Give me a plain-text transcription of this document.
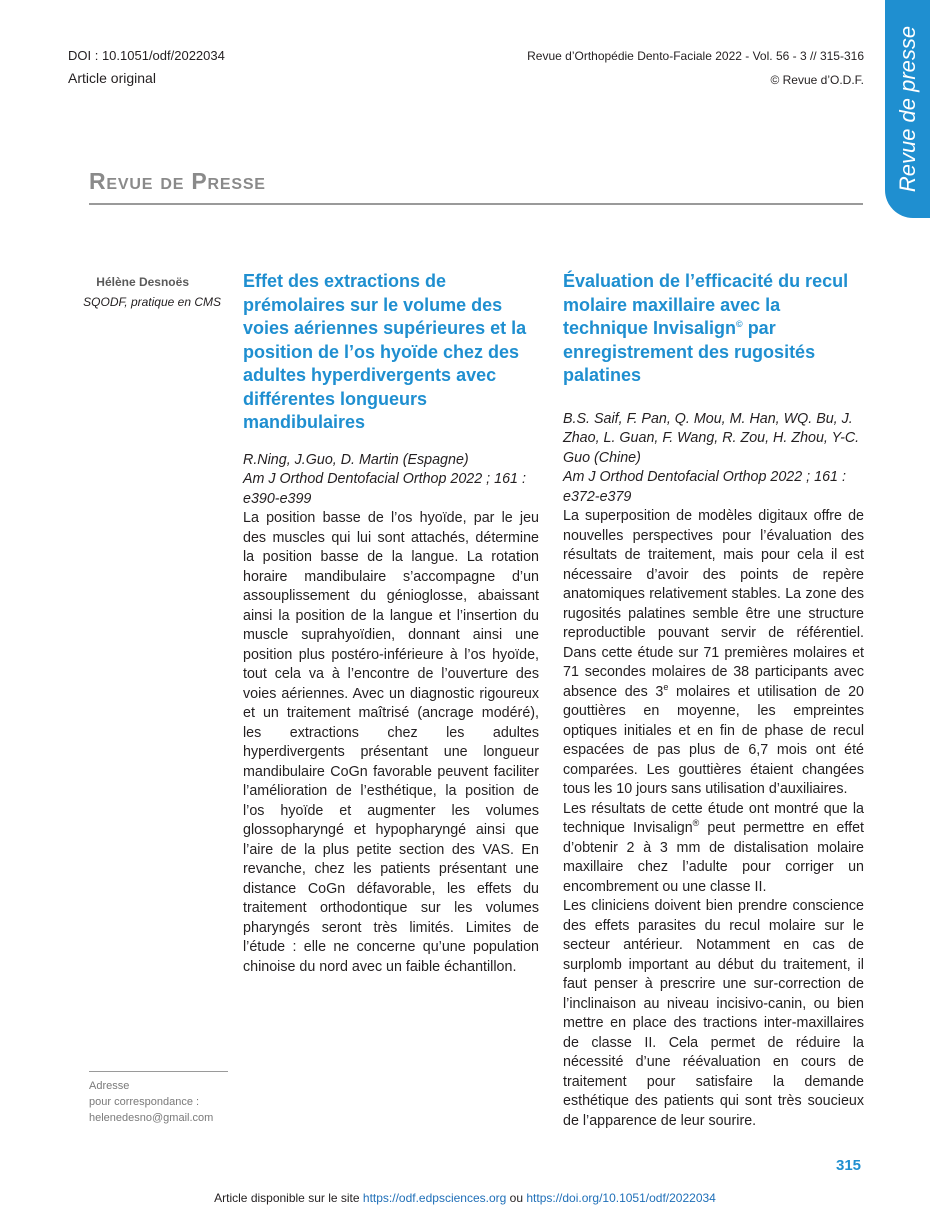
DOI : 10.1051/odf/2022034
Article original
Revue d’Orthopédie Dento-Faciale 2022 - Vol. 56 - 3 // 315-316
© Revue d’O.D.F. Revue de presse
Revue de Presse
Hélène Desnoës
SQODF, pratique en CMS
Effet des extractions de prémolaires sur le volume des voies aériennes supérieures et la position de l’os hyoïde chez des adultes hyperdivergents avec différentes longueurs mandibulaires

R.Ning, J.Guo, D. Martin (Espagne)

Am J Orthod Dentofacial Orthop 2022 ; 161 : e390-e399

La position basse de l’os hyoïde, par le jeu des muscles qui lui sont attachés, détermine la position basse de la langue. La rotation horaire mandibulaire s’accompagne d’un assouplissement du génioglosse, abaissant ainsi la position de la langue et l’insertion du muscle suprahyoïdien, donnant ainsi une position plus postéro-inférieure à l’os hyoïde, tout cela va à l’encontre de l’ouverture des voies aériennes. Avec un diagnostic rigoureux et un traitement maîtrisé (ancrage modéré), les extractions chez les adultes hyperdivergents présentant une longueur mandibulaire CoGn favorable peuvent faciliter l’amélioration de l’esthétique, la position de l’os hyoïde et augmenter les volumes glossopharyngé et hypopharyngé ainsi que l’aire de la plus petite section des VAS. En revanche, chez les patients présentant une distance CoGn défavorable, les effets du traitement orthodontique sur les volumes pharyngés seront très limités. Limites de l’étude : elle ne concerne qu’une population chinoise du nord avec un faible échantillon.

Évaluation de l’efficacité du recul molaire maxillaire avec la technique Invisalign© par enregistrement des rugosités palatines

B.S. Saif, F. Pan, Q. Mou, M. Han, WQ. Bu, J. Zhao, L. Guan, F. Wang, R. Zou, H. Zhou, Y-C. Guo (Chine)

Am J Orthod Dentofacial Orthop 2022 ; 161 : e372-e379

La superposition de modèles digitaux offre de nouvelles perspectives pour l’évaluation des résultats de traitement, mais pour cela il est nécessaire d’avoir des points de repère anatomiques relativement stables. La zone des rugosités palatines semble être une structure reproductible pouvant servir de référentiel. Dans cette étude sur 71 premières molaires et 71 secondes molaires de 38 participants avec absence des 3e molaires et utilisation de 20 gouttières en moyenne, les empreintes optiques initiales et en fin de phase de recul espacées de pas plus de 6,7 mois ont été comparées. Les gouttières étaient changées tous les 10 jours sans utilisation d’auxiliaires.

Les résultats de cette étude ont montré que la technique Invisalign® peut permettre en effet d’obtenir 2 à 3 mm de distalisation molaire maxillaire chez l’adulte pour corriger un encombrement ou une classe II.

Les cliniciens doivent bien prendre conscience des effets parasites du recul molaire sur le secteur antérieur. Notamment en cas de surplomb important au début du traitement, il faut penser à prescrire une sur-correction de l’inclinaison au niveau incisivo-canin, ou bien mettre en place des tractions inter-maxillaires de classe II. Cela permet de réduire la nécessité d’une réévaluation en cours de traitement pour satisfaire la demande esthétique des patients qui sont très soucieux de l’apparence de leur sourire.

Adresse
pour correspondance :
helenedesno@gmail.com
315
Article disponible sur le site https://odf.edpsciences.org ou https://doi.org/10.1051/odf/2022034
